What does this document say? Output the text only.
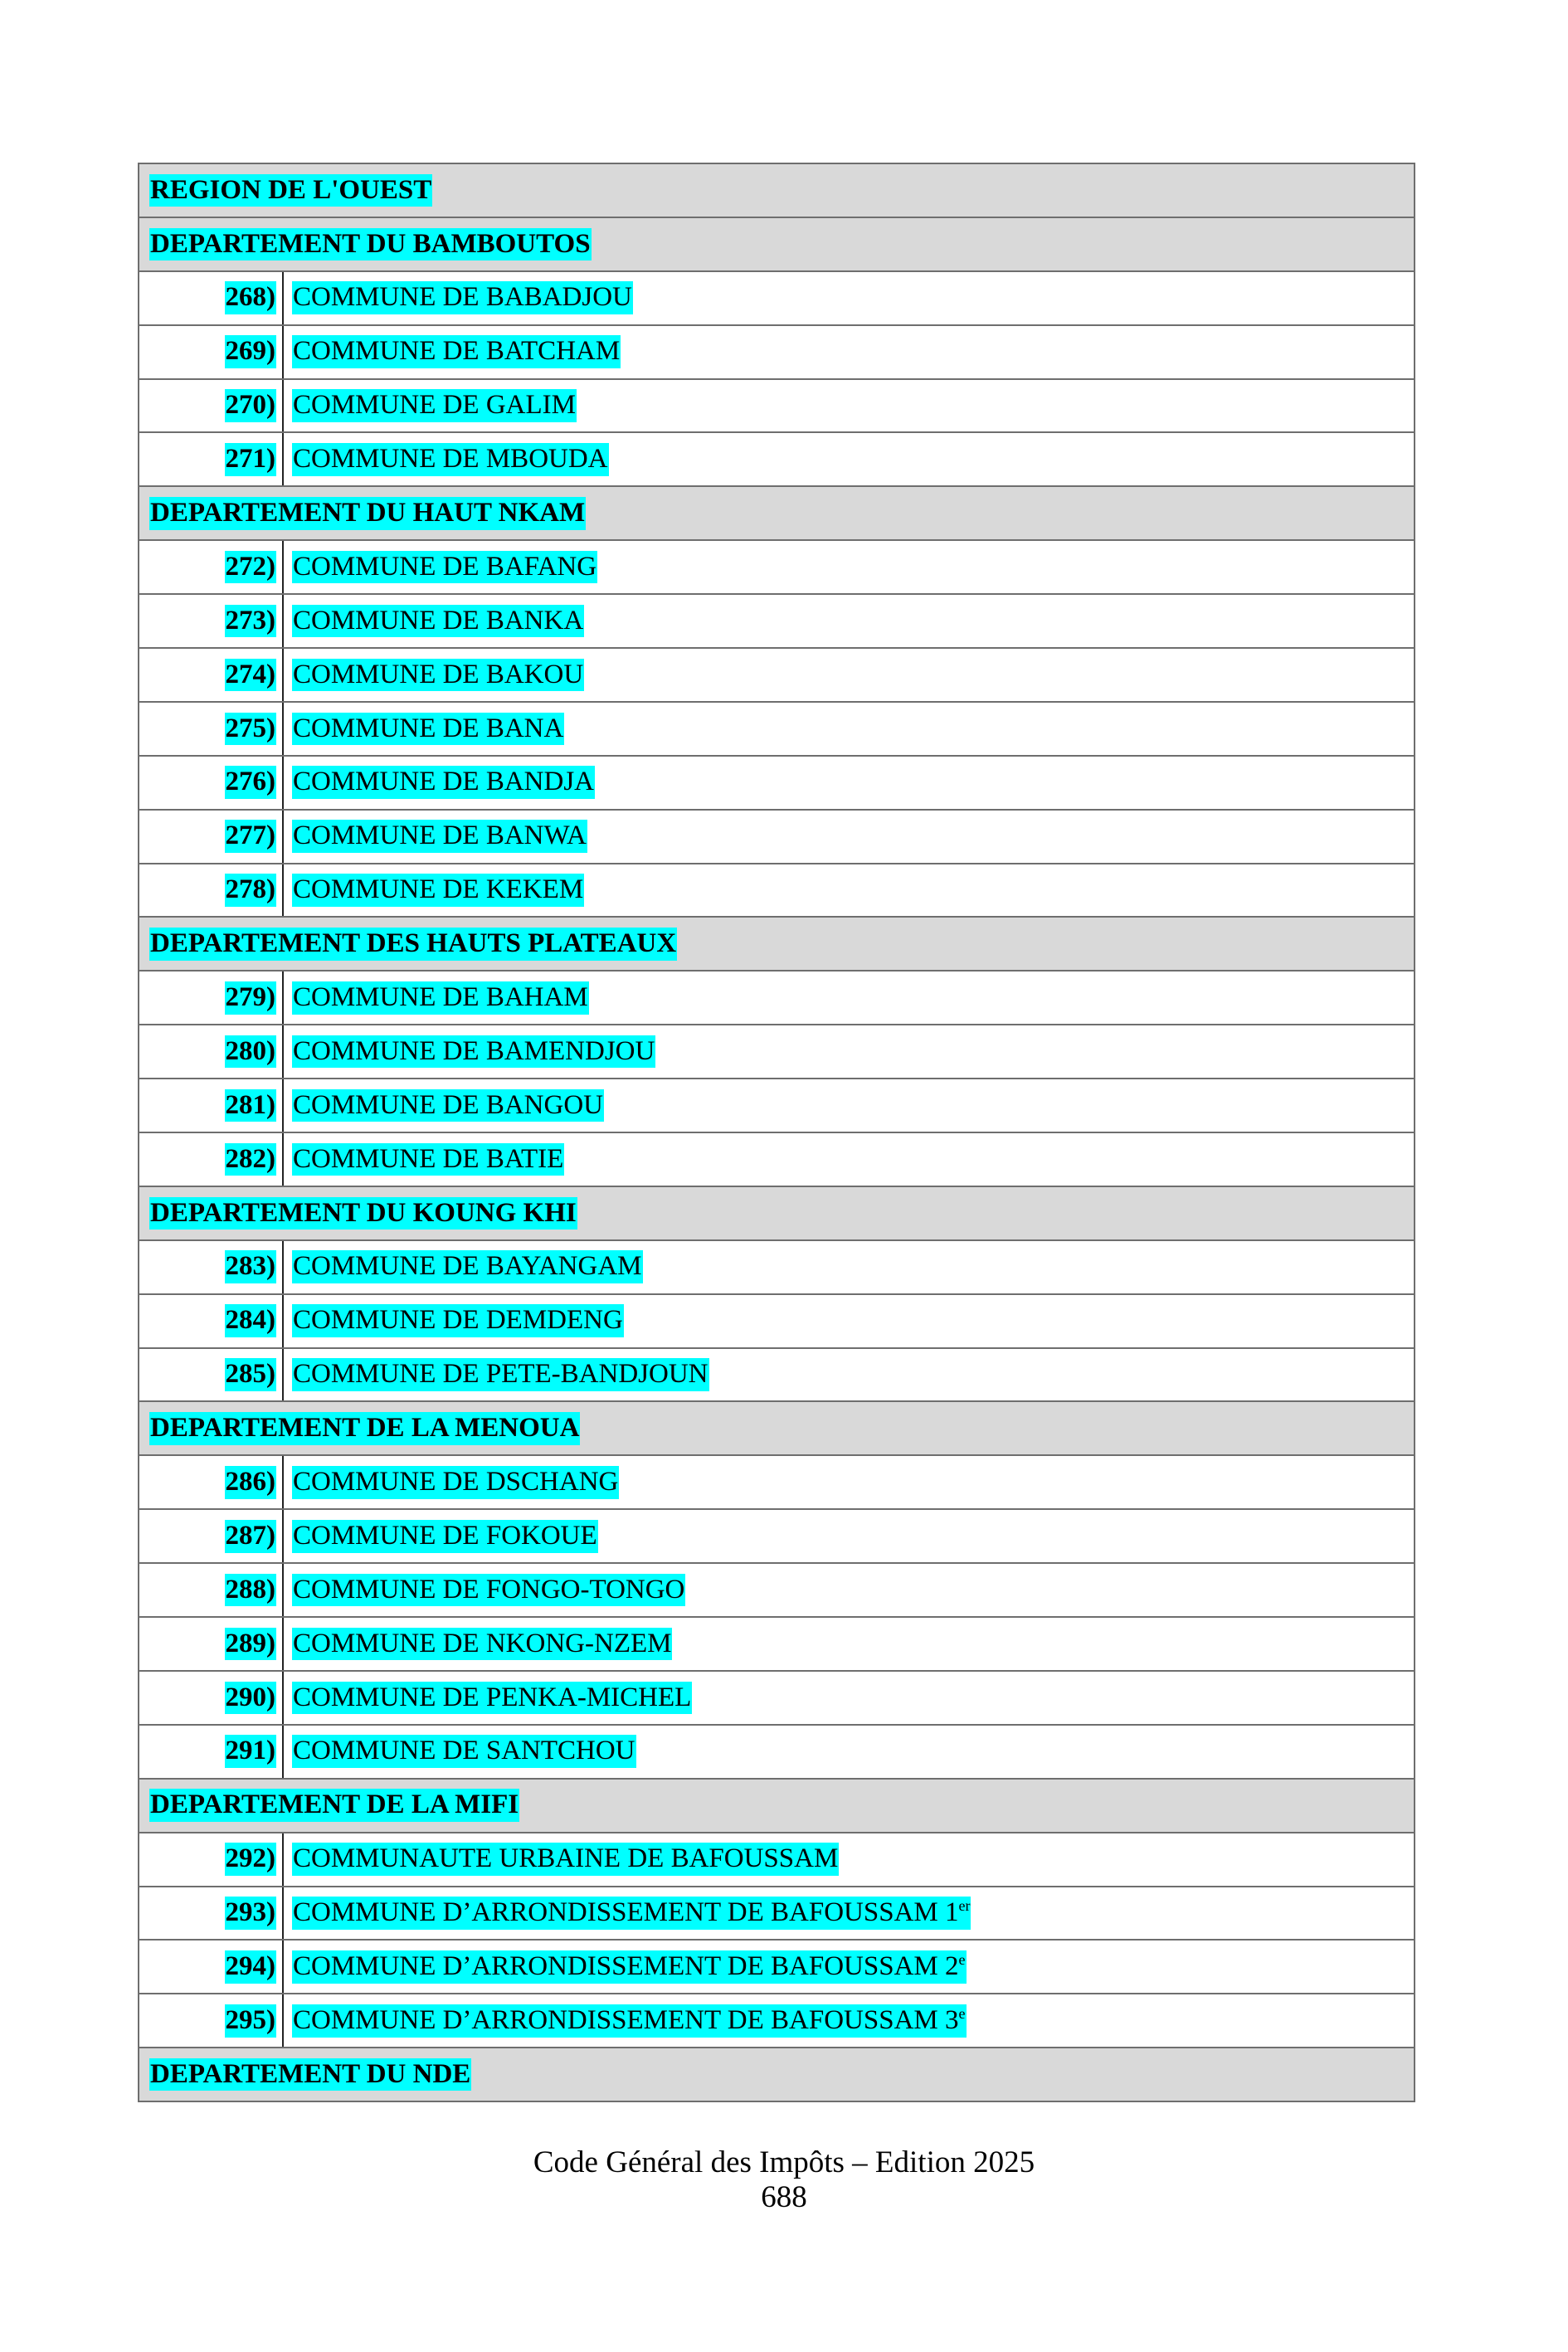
REGION DE L'OUEST
DEPARTEMENT DU BAMBOUTOS
268) COMMUNE DE BABADJOU
269) COMMUNE DE BATCHAM
270) COMMUNE DE GALIM
271) COMMUNE DE MBOUDA
DEPARTEMENT DU HAUT NKAM
272) COMMUNE DE BAFANG
273) COMMUNE DE BANKA
274) COMMUNE DE BAKOU
275) COMMUNE DE BANA
276) COMMUNE DE BANDJA
277) COMMUNE DE BANWA
278) COMMUNE DE KEKEM
DEPARTEMENT DES HAUTS PLATEAUX
279) COMMUNE DE BAHAM
280) COMMUNE DE BAMENDJOU
281) COMMUNE DE BANGOU
282) COMMUNE DE BATIE
DEPARTEMENT DU KOUNG KHI
283) COMMUNE DE BAYANGAM
284) COMMUNE DE DEMDENG
285) COMMUNE DE PETE-BANDJOUN
DEPARTEMENT DE LA MENOUA
286) COMMUNE DE DSCHANG
287) COMMUNE DE FOKOUE
288) COMMUNE DE FONGO-TONGO
289) COMMUNE DE NKONG-NZEM
290) COMMUNE DE PENKA-MICHEL
291) COMMUNE DE SANTCHOU
DEPARTEMENT DE LA MIFI
292) COMMUNAUTE URBAINE DE BAFOUSSAM
293) COMMUNE D’ARRONDISSEMENT DE BAFOUSSAM 1er
294) COMMUNE D’ARRONDISSEMENT DE BAFOUSSAM 2e
295) COMMUNE D’ARRONDISSEMENT DE BAFOUSSAM 3e
DEPARTEMENT DU NDE
Code Général des Impôts – Edition 2025
688
